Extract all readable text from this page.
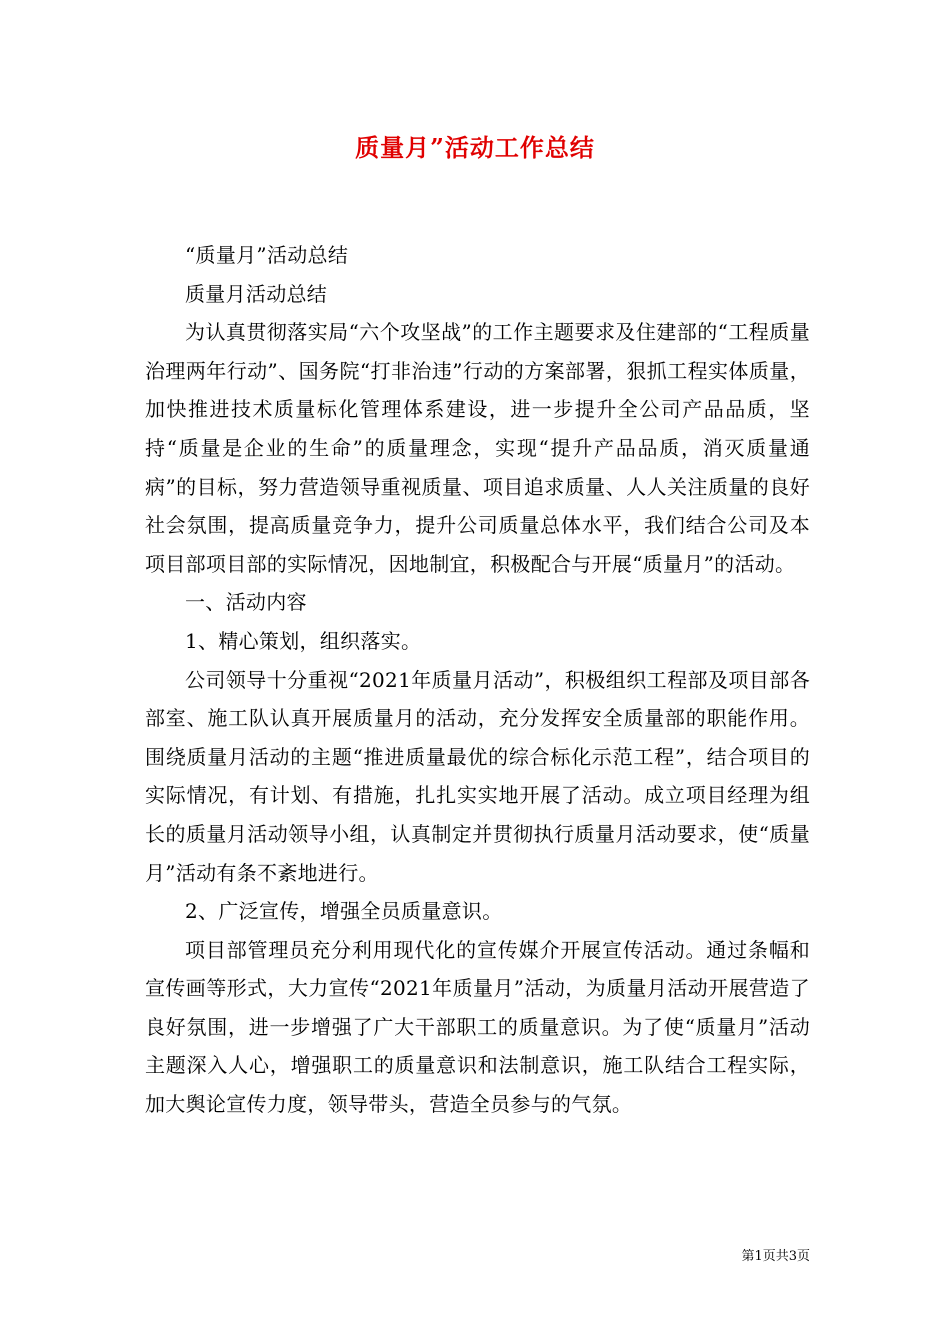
质量月”活动工作总结

“质量月”活动总结

质量月活动总结

为认真贯彻落实局“六个攻坚战”的工作主题要求及住建部的“工程质量治理两年行动”、国务院“打非治违”行动的方案部署，狠抓工程实体质量，加快推进技术质量标化管理体系建设，进一步提升全公司产品品质，坚持“质量是企业的生命”的质量理念，实现“提升产品品质，消灭质量通病”的目标，努力营造领导重视质量、项目追求质量、人人关注质量的良好社会氛围，提高质量竞争力，提升公司质量总体水平，我们结合公司及本项目部项目部的实际情况，因地制宜，积极配合与开展“质量月”的活动。

一、活动内容

1、精心策划，组织落实。

公司领导十分重视“2021年质量月活动”，积极组织工程部及项目部各部室、施工队认真开展质量月的活动，充分发挥安全质量部的职能作用。围绕质量月活动的主题“推进质量最优的综合标化示范工程”，结合项目的实际情况，有计划、有措施，扎扎实实地开展了活动。成立项目经理为组长的质量月活动领导小组，认真制定并贯彻执行质量月活动要求，使“质量月”活动有条不紊地进行。

2、广泛宣传，增强全员质量意识。

项目部管理员充分利用现代化的宣传媒介开展宣传活动。通过条幅和宣传画等形式，大力宣传“2021年质量月”活动，为质量月活动开展营造了良好氛围，进一步增强了广大干部职工的质量意识。为了使“质量月”活动主题深入人心，增强职工的质量意识和法制意识，施工队结合工程实际，加大舆论宣传力度，领导带头，营造全员参与的气氛。

第1页共3页
